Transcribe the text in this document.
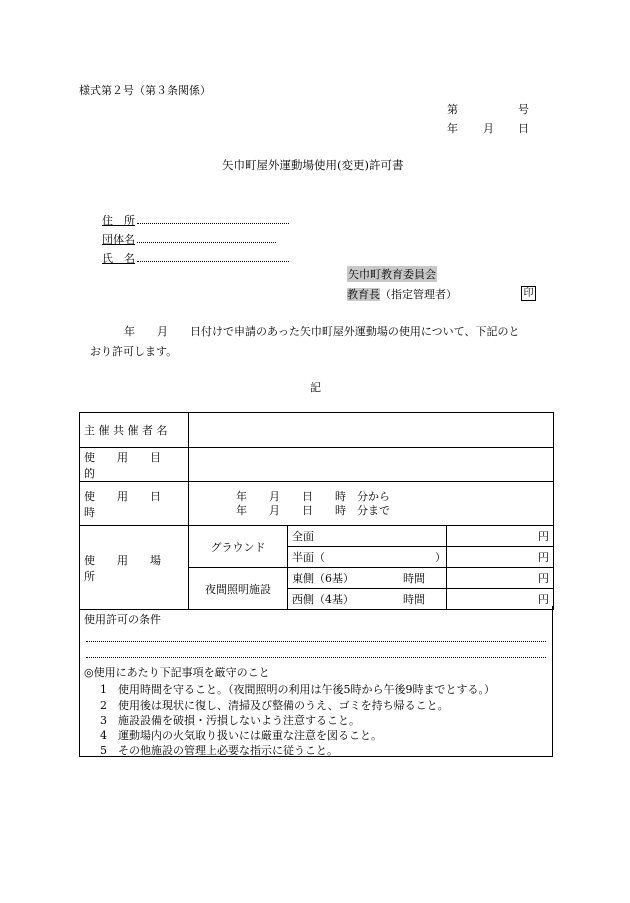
様式第２号（第３条関係）
第	号
年 月 日
矢巾町屋外運動場使用(変更)許可書
住　所
団体名
氏　名
矢巾町教育委員会
教育長（指定管理者）	印
年　　月　　日付けで申請のあった矢巾町屋外運動場の使用について、下記のと
おり許可します。
記
主 催 共 催 者 名			
使　　用　　目　　的			
使　　用　　日　　時	年　　月　　日　　時　分から
年　　月　　日　　時　分まで		

使　　用　　場　　所	グラウンド	全面	円
		半面（　　　　　　　　　　）	円
	夜間照明施設	東側（6基） 時間	円
		西側（4基） 時間	円
使用許可の条件
◎使用にあたり下記事項を厳守のこと
1　使用時間を守ること。（夜間照明の利用は午後5時から午後9時までとする。）
2　使用後は現状に復し、清掃及び整備のうえ、ゴミを持ち帰ること。
3　施設設備を破損・汚損しないよう注意すること。
4　運動場内の火気取り扱いには厳重な注意を図ること。
5　その他施設の管理上必要な指示に従うこと。
